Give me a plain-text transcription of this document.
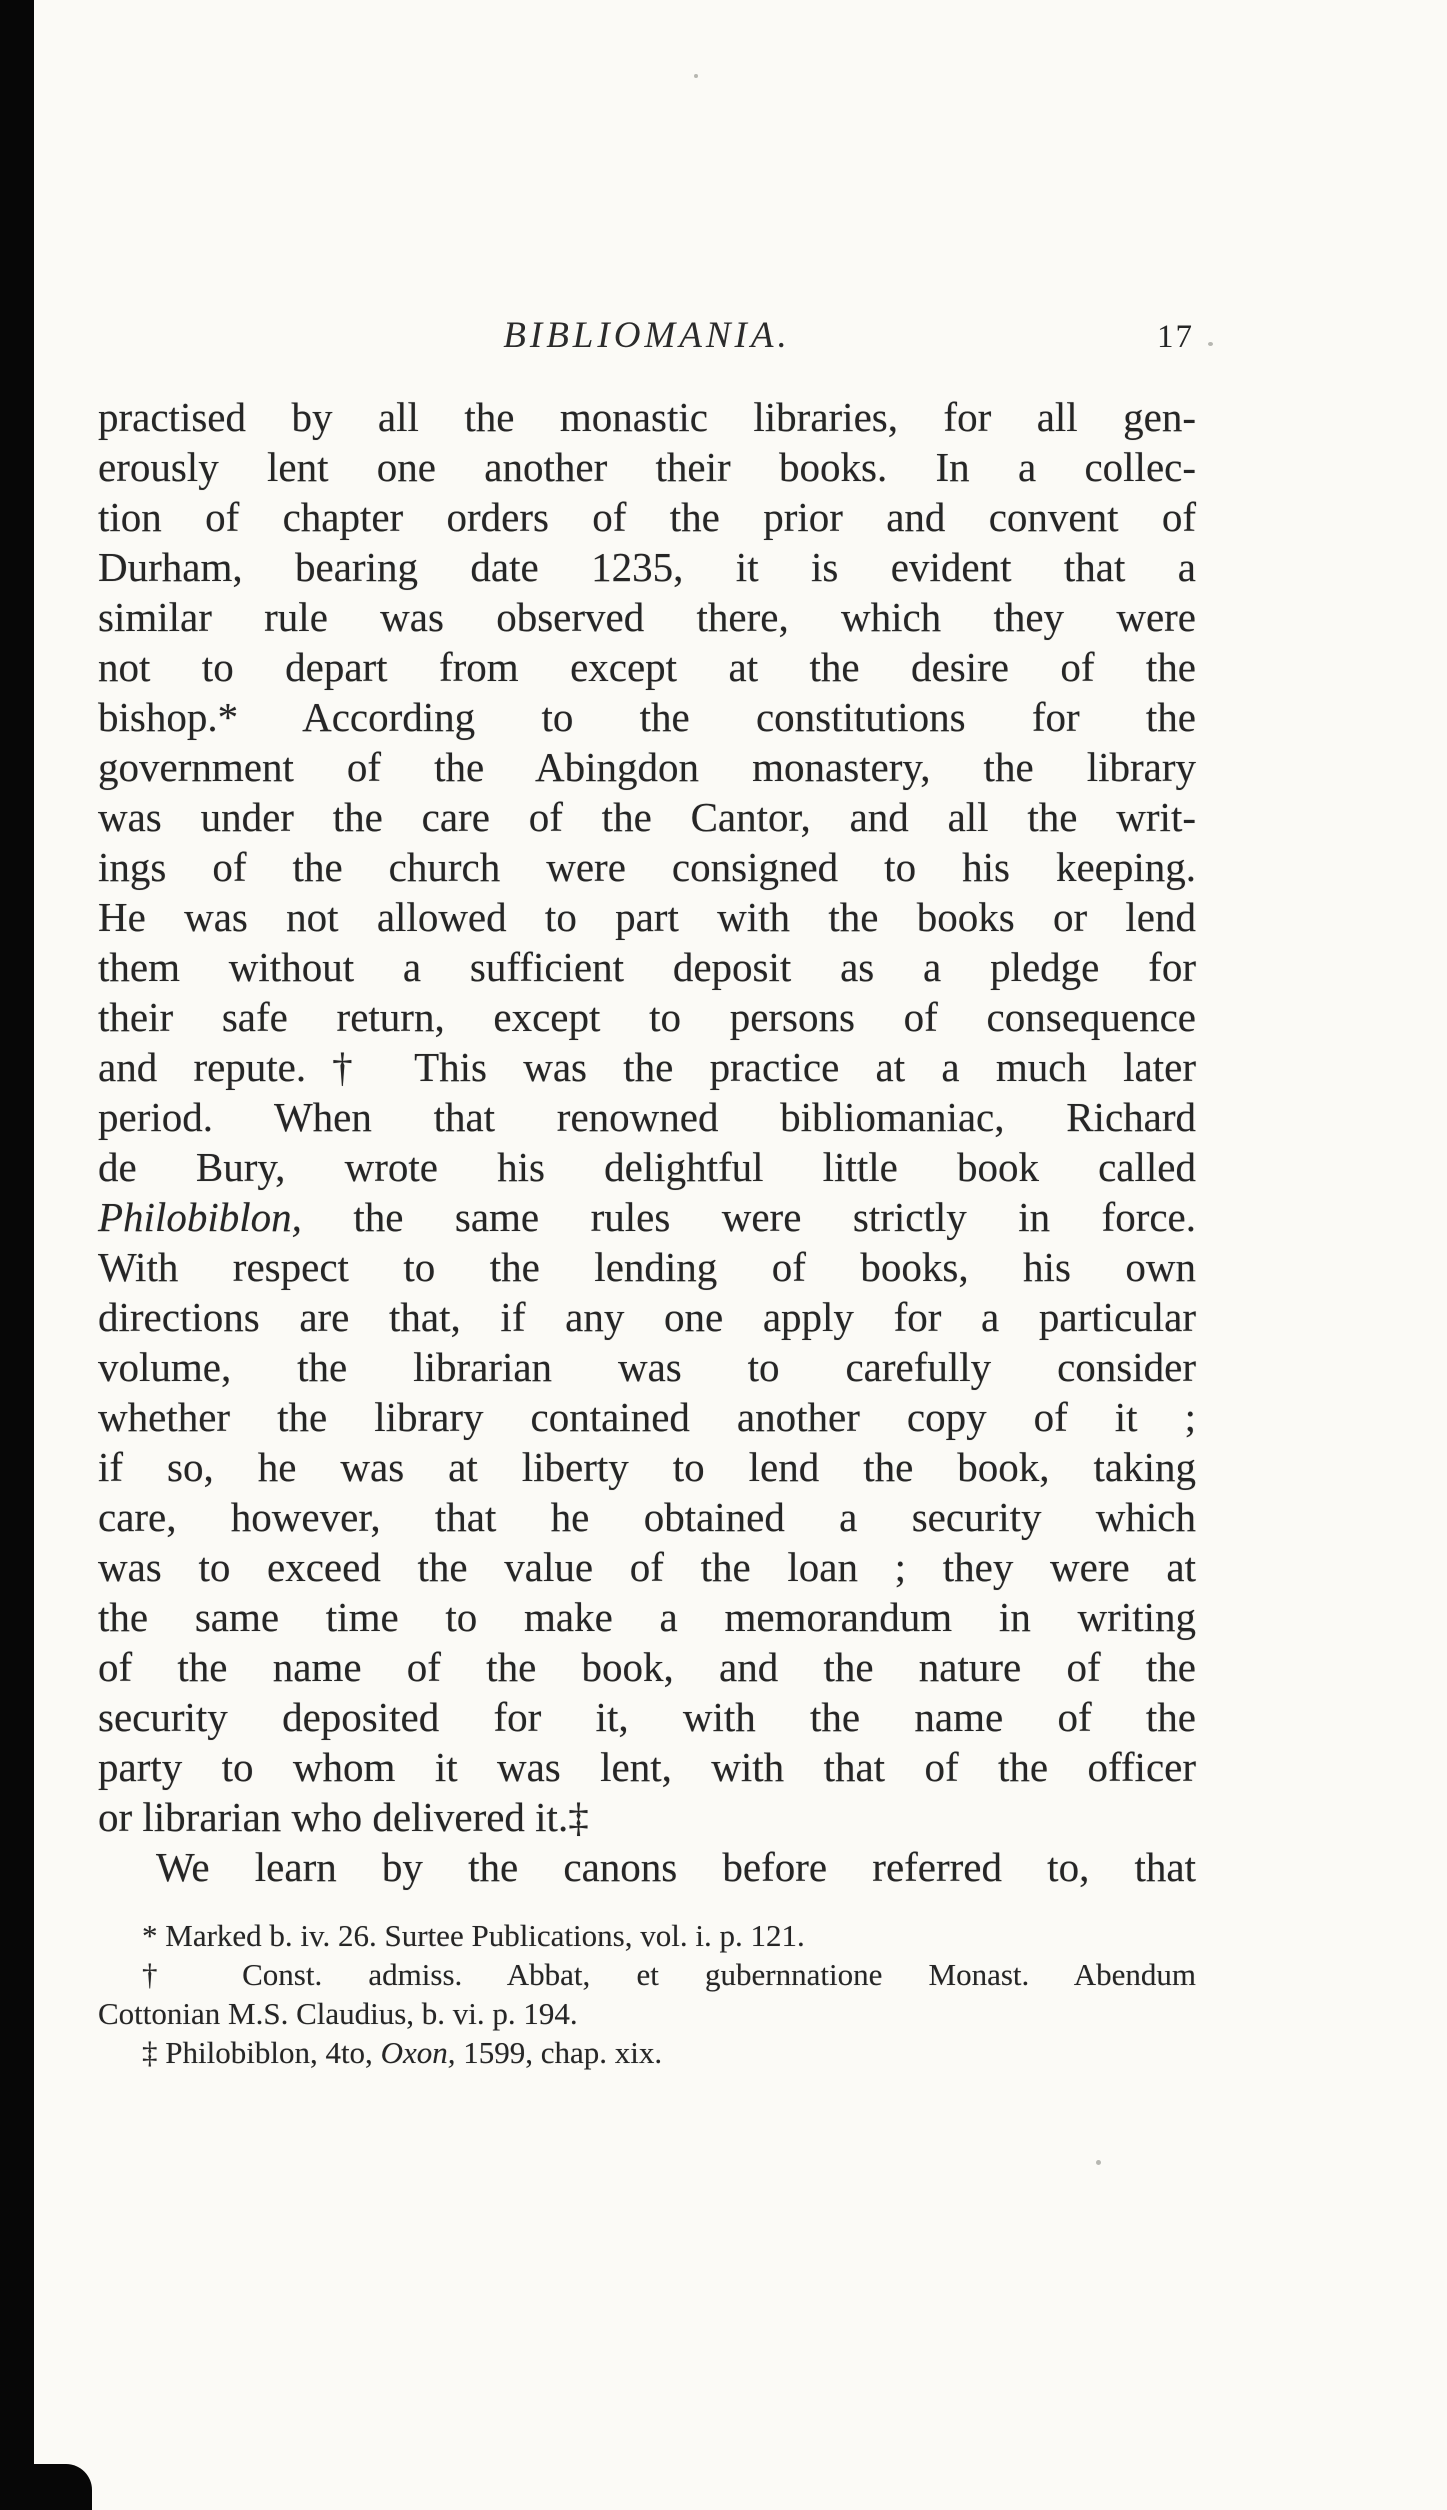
BIBLIOMANIA.	17
practised by all the monastic libraries, for all gen-
erously lent one another their books. In a collec-
tion of chapter orders of the prior and convent of
Durham, bearing date 1235, it is evident that a
similar rule was observed there, which they were
not to depart from except at the desire of the
bishop.* According to the constitutions for the
government of the Abingdon monastery, the library
was under the care of the Cantor, and all the writ-
ings of the church were consigned to his keeping.
He was not allowed to part with the books or lend
them without a sufficient deposit as a pledge for
their safe return, except to persons of consequence
and repute.† This was the practice at a much later
period. When that renowned bibliomaniac, Richard
de Bury, wrote his delightful little book called
Philobiblon, the same rules were strictly in force.
With respect to the lending of books, his own
directions are that, if any one apply for a particular
volume, the librarian was to carefully consider
whether the library contained another copy of it ;
if so, he was at liberty to lend the book, taking
care, however, that he obtained a security which
was to exceed the value of the loan ; they were at
the same time to make a memorandum in writing
of the name of the book, and the nature of the
security deposited for it, with the name of the
party to whom it was lent, with that of the officer
or librarian who delivered it.‡
We learn by the canons before referred to, that
* Marked b. iv. 26. Surtee Publications, vol. i. p. 121.
† Const. admiss. Abbat, et gubernnatione Monast. Abendum
Cottonian M.S. Claudius, b. vi. p. 194.
‡ Philobiblon, 4to, Oxon, 1599, chap. xix.
